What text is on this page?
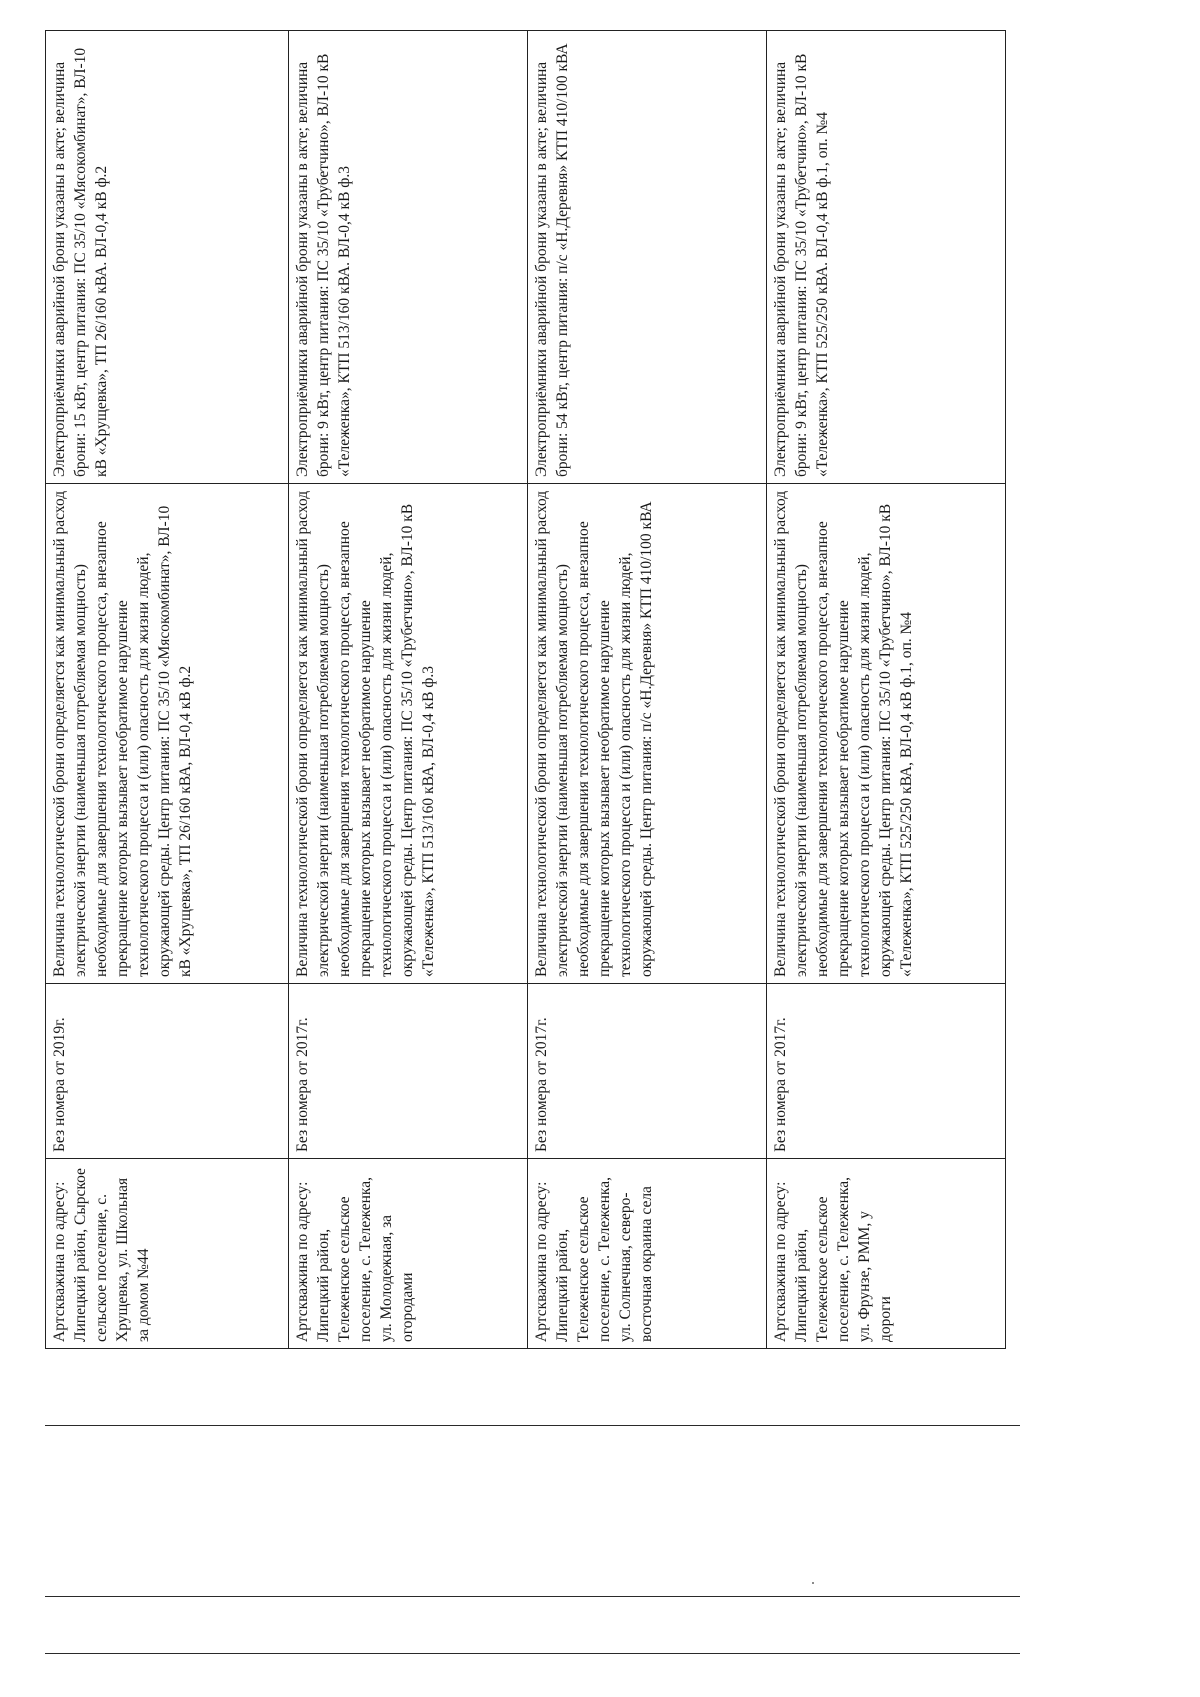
Артскважина по адресу: Липецкий район, Сырское сельское поселение, с. Хрущевка, ул. Школьная за домом №44	Без номера от 2019г.	Величина технологической брони определяется как минимальный расход электрической энергии (наименьшая потребляемая мощность) необходимые для завершения технологического процесса, внезапное прекращение которых вызывает необратимое нарушение технологического процесса и (или) опасность для жизни людей, окружающей среды. Центр питания: ПС 35/10 «Мясокомбинат», ВЛ-10 кВ «Хрущевка», ТП 26/160 кВА, ВЛ-0,4 кВ ф.2	Электроприёмники аварийной брони указаны в акте; величина брони: 15 кВт, центр питания: ПС 35/10 «Мясокомбинат», ВЛ-10 кВ «Хрущевка», ТП 26/160 кВА. ВЛ-0,4 кВ ф.2

Артскважина по адресу: Липецкий район, Тележенское сельское поселение, с. Тележенка, ул. Молодежная, за огородами	Без номера от 2017г.	Величина технологической брони определяется как минимальный расход электрической энергии (наименьшая потребляемая мощность) необходимые для завершения технологического процесса, внезапное прекращение которых вызывает необратимое нарушение технологического процесса и (или) опасность для жизни людей, окружающей среды. Центр питания: ПС 35/10 «Трубетчино», ВЛ-10 кВ «Тележенка», КТП 513/160 кВА, ВЛ-0,4 кВ ф.3	Электроприёмники аварийной брони указаны в акте; величина брони: 9 кВт, центр питания: ПС 35/10 «Трубетчино», ВЛ-10 кВ «Тележенка», КТП 513/160 кВА. ВЛ-0,4 кВ ф.3

Артскважина по адресу: Липецкий район, Тележенское сельское поселение, с. Тележенка, ул. Солнечная, северо-восточная окраина села	Без номера от 2017г.	Величина технологической брони определяется как минимальный расход электрической энергии (наименьшая потребляемая мощность) необходимые для завершения технологического процесса, внезапное прекращение которых вызывает необратимое нарушение технологического процесса и (или) опасность для жизни людей, окружающей среды. Центр питания: п/с «Н.Деревня» КТП 410/100 кВА	Электроприёмники аварийной брони указаны в акте; величина брони: 54 кВт, центр питания: п/с «Н.Деревня» КТП 410/100 кВА

Артскважина по адресу: Липецкий район, Тележенское сельское поселение, с. Тележенка, ул. Фрунзе, РММ, у дороги	Без номера от 2017г.	Величина технологической брони определяется как минимальный расход электрической энергии (наименьшая потребляемая мощность) необходимые для завершения технологического процесса, внезапное прекращение которых вызывает необратимое нарушение технологического процесса и (или) опасность для жизни людей, окружающей среды. Центр питания: ПС 35/10 «Трубетчино», ВЛ-10 кВ «Тележенка», КТП 525/250 кВА, ВЛ-0,4 кВ ф.1, оп. №4	Электроприёмники аварийной брони указаны в акте; величина брони: 9 кВт, центр питания: ПС 35/10 «Трубетчино», ВЛ-10 кВ «Тележенка», КТП 525/250 кВА. ВЛ-0,4 кВ ф.1, оп. №4
